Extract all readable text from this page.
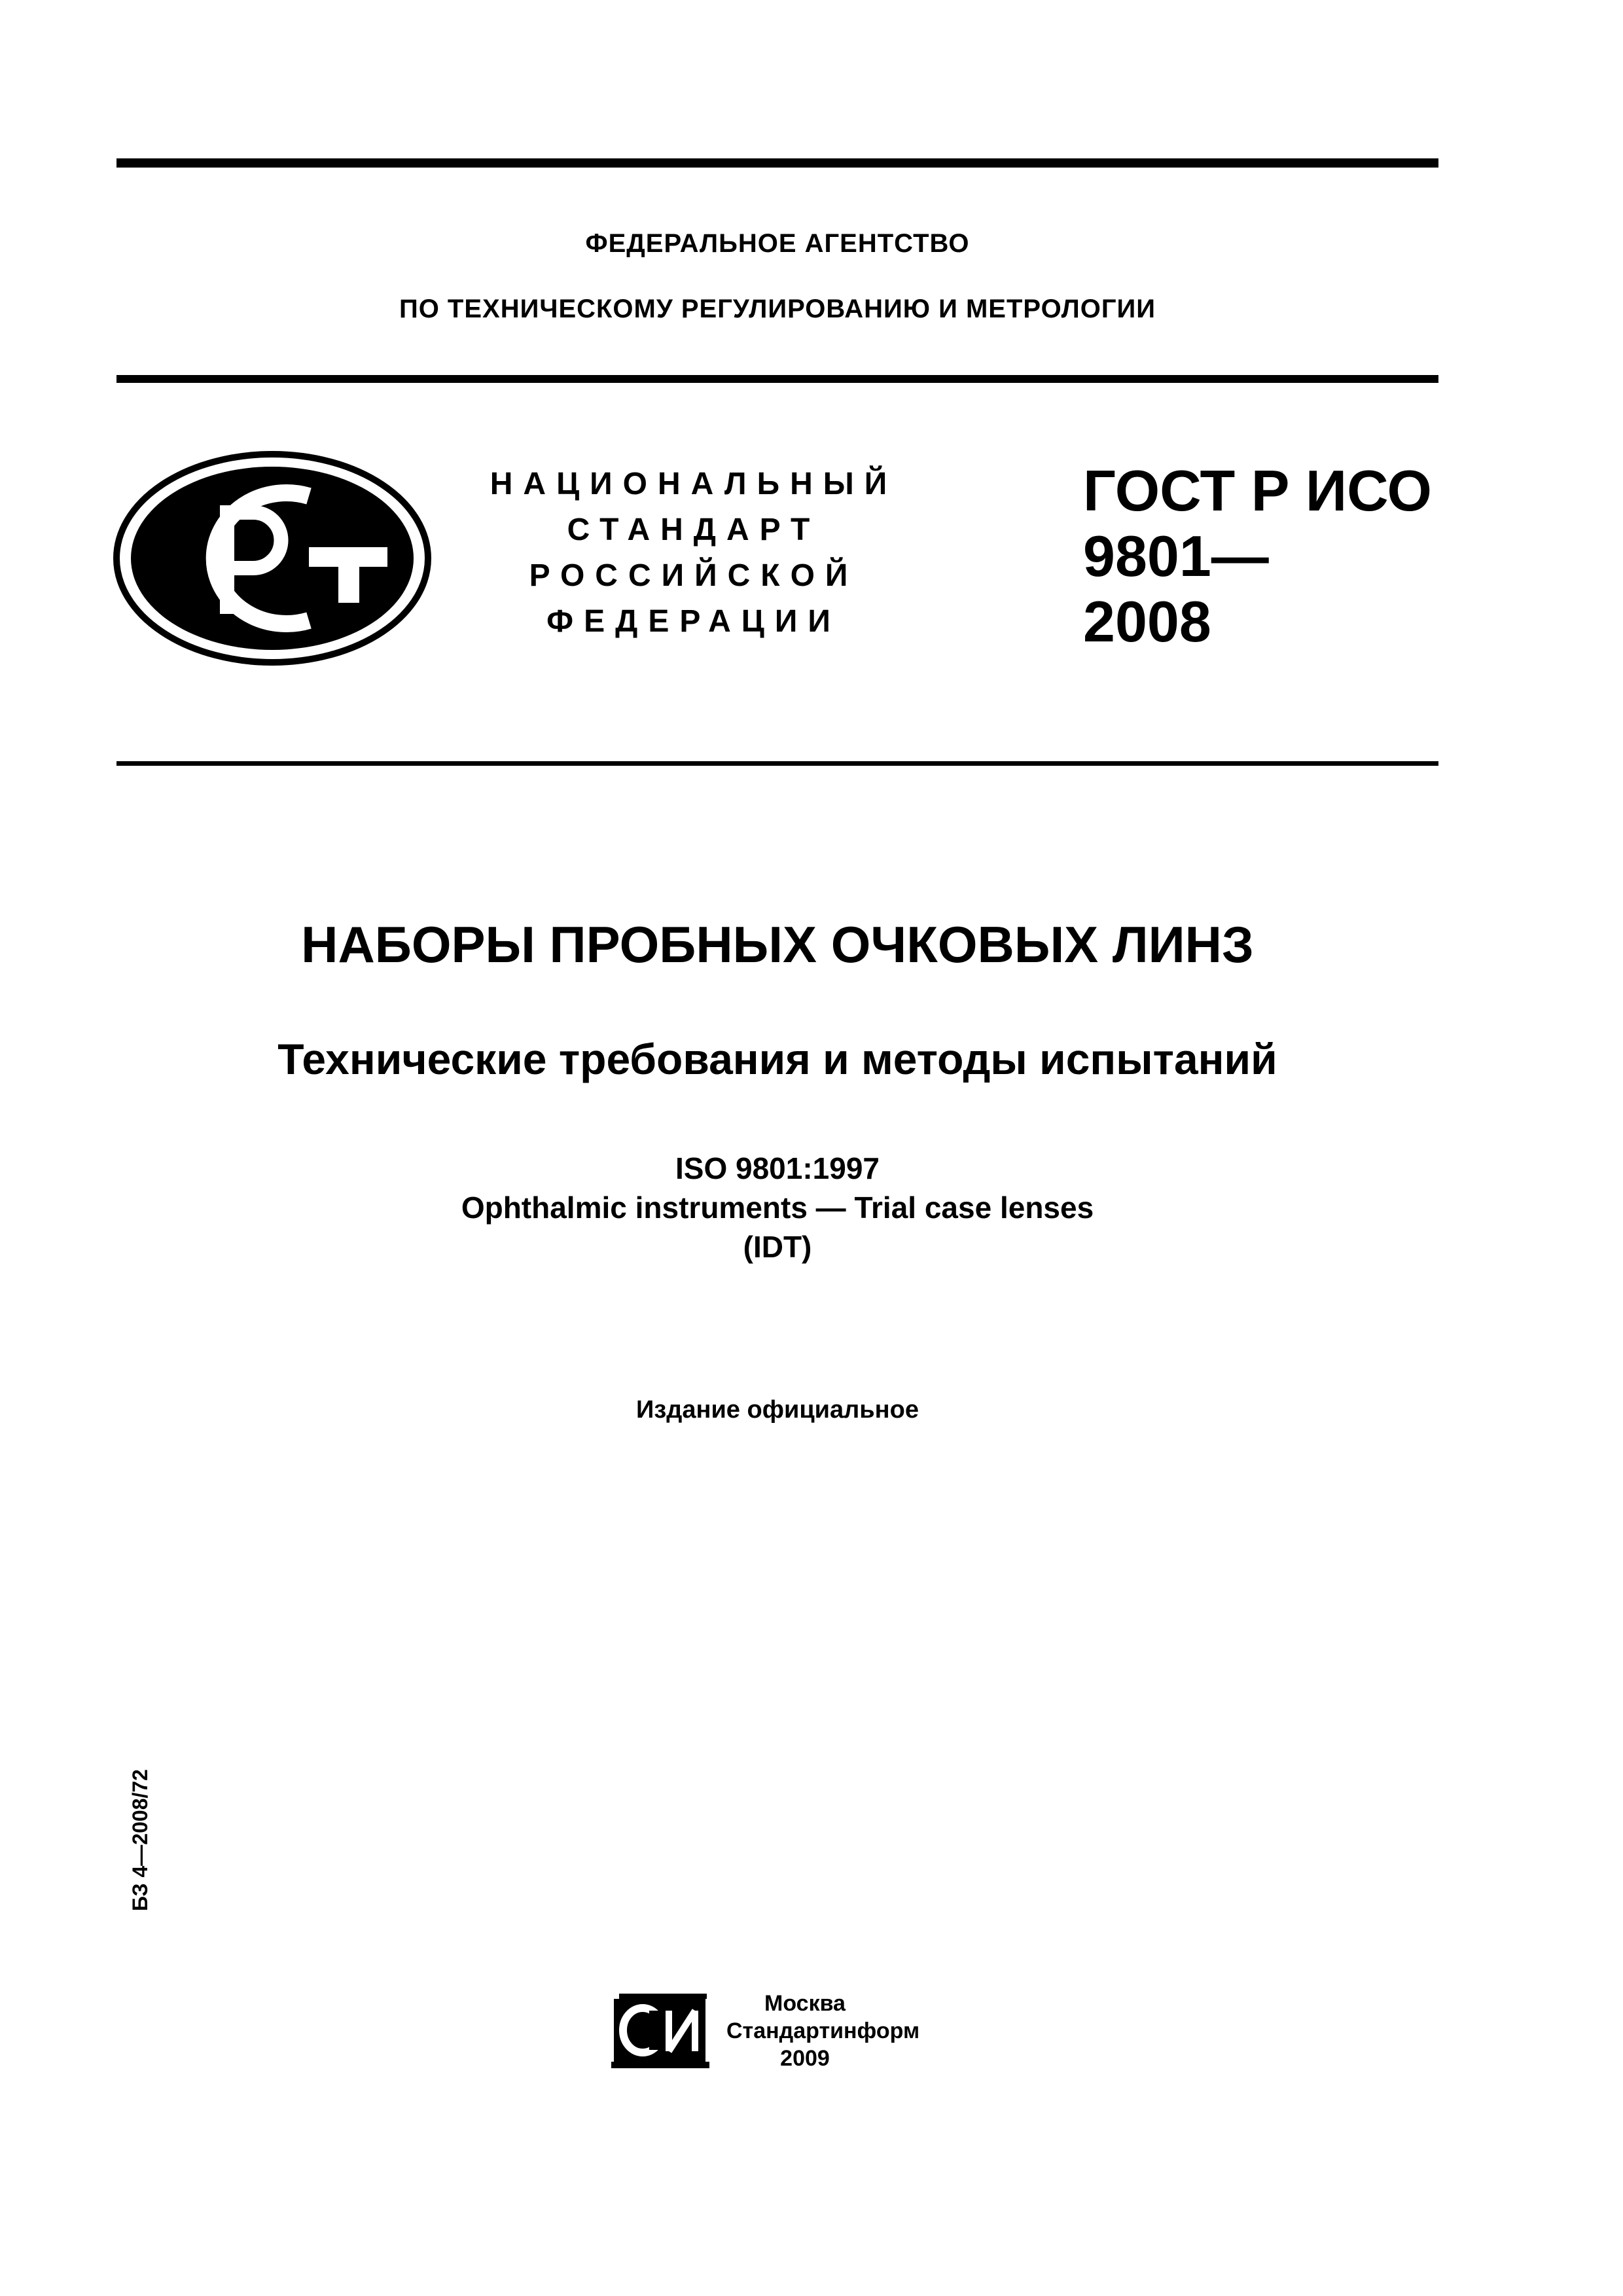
ФЕДЕРАЛЬНОЕ АГЕНТСТВО
ПО ТЕХНИЧЕСКОМУ РЕГУЛИРОВАНИЮ И МЕТРОЛОГИИ
НАЦИОНАЛЬНЫЙ
СТАНДАРТ
РОССИЙСКОЙ
ФЕДЕРАЦИИ
ГОСТ Р ИСО
9801—
2008
НАБОРЫ ПРОБНЫХ ОЧКОВЫХ ЛИНЗ
Технические требования и методы испытаний
ISO 9801:1997
Ophthalmic instruments — Trial case lenses
(IDT)
Издание официальное
БЗ 4—2008/72
Москва
Стандартинформ
2009
